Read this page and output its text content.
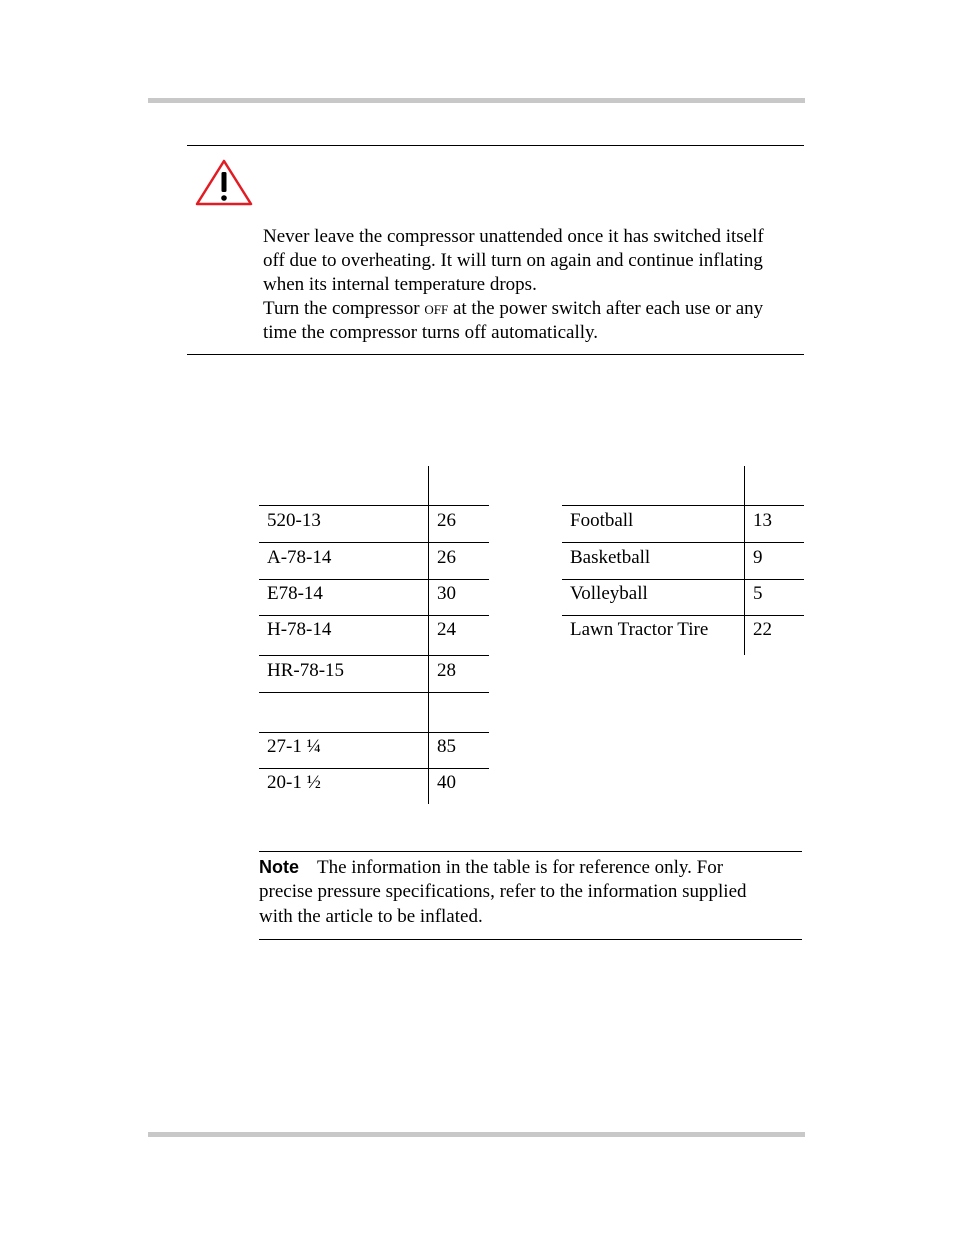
Never leave the compressor unattended once it has switched itself
off due to overheating. It will turn on again and continue inflating
when its internal temperature drops.
Turn the compressor off at the power switch after each use or any
time the compressor turns off automatically.
520-13	26
A-78-14	26
E78-14	30
H-78-14	24
HR-78-15	28
27-1 ¼	85
20-1 ½	40
Football	13
Basketball	9
Volleyball	5
Lawn Tractor Tire 22
Note The information in the table is for reference only. For
precise pressure specifications, refer to the information supplied
with the article to be inflated.
